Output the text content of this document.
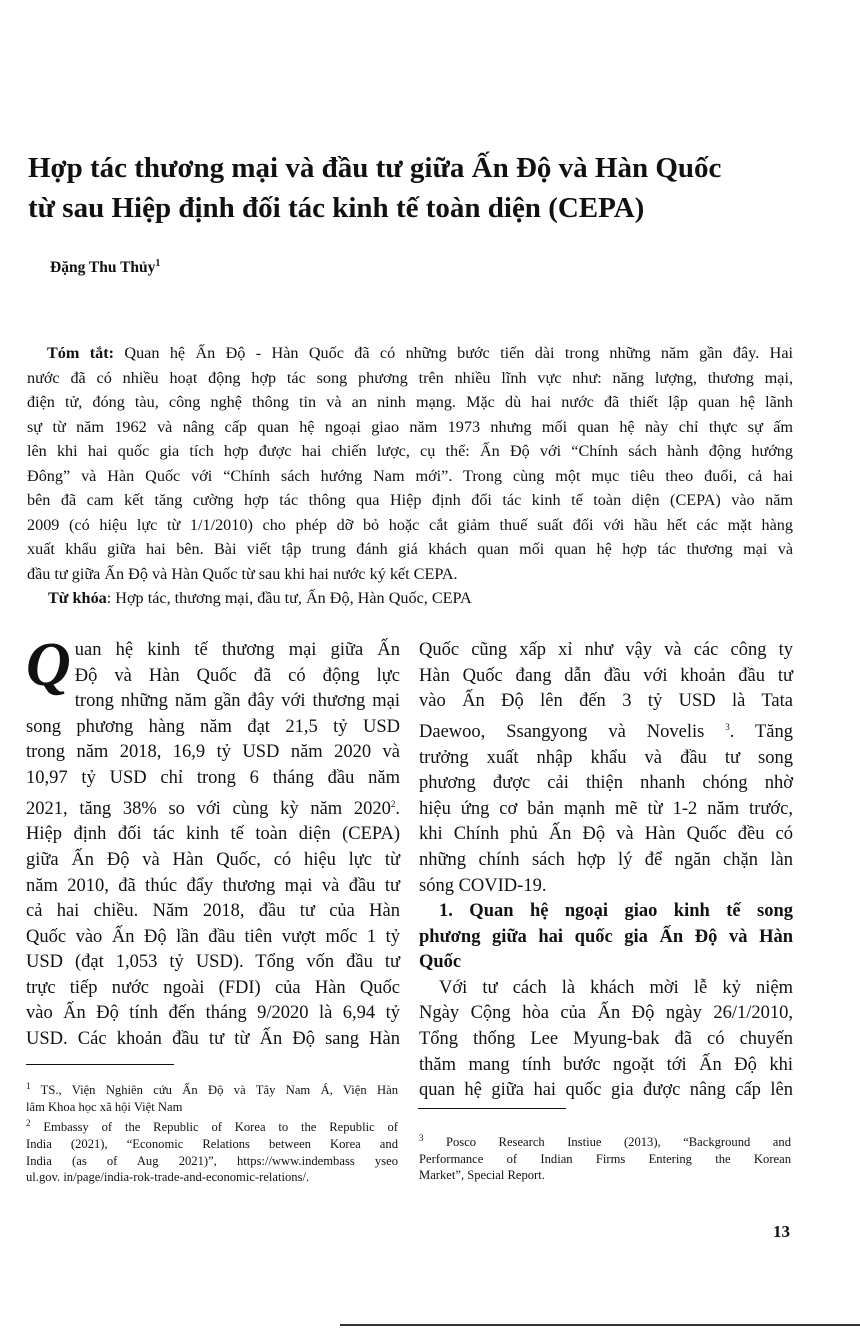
Hợp tác thương mại và đầu tư giữa Ấn Độ và Hàn Quốc
từ sau Hiệp định đối tác kinh tế toàn diện (CEPA)
Đặng Thu Thủy$^1$
Tóm tắt: Quan hệ Ấn Độ - Hàn Quốc đã có những bước tiến dài trong những năm gần đây. Hai
nước đã có nhiều hoạt động hợp tác song phương trên nhiều lĩnh vực như: năng lượng, thương mại,
điện tử, đóng tàu, công nghệ thông tin và an ninh mạng. Mặc dù hai nước đã thiết lập quan hệ lãnh
sự từ năm 1962 và nâng cấp quan hệ ngoại giao năm 1973 nhưng mối quan hệ này chỉ thực sự ấm
lên khi hai quốc gia tích hợp được hai chiến lược, cụ thể: Ấn Độ với “Chính sách hành động hướng
Đông” và Hàn Quốc với “Chính sách hướng Nam mới”. Trong cùng một mục tiêu theo đuổi, cả hai
bên đã cam kết tăng cường hợp tác thông qua Hiệp định đối tác kinh tế toàn diện (CEPA) vào năm
2009 (có hiệu lực từ 1/1/2010) cho phép dỡ bỏ hoặc cắt giảm thuế suất đối với hầu hết các mặt hàng
xuất khẩu giữa hai bên. Bài viết tập trung đánh giá khách quan mối quan hệ hợp tác thương mại và
đầu tư giữa Ấn Độ và Hàn Quốc từ sau khi hai nước ký kết CEPA.
Từ khóa: Hợp tác, thương mại, đầu tư, Ấn Độ, Hàn Quốc, CEPA
Q uan hệ kinh tế thương mại giữa Ấn
Độ và Hàn Quốc đã có động lực
trong những năm gần đây với thương mại
song phương hàng năm đạt 21,5 tỷ USD
trong năm 2018, 16,9 tỷ USD năm 2020 và
10,97 tỷ USD chỉ trong 6 tháng đầu năm
2021, tăng 38% so với cùng kỳ năm 2020$^2$.
Hiệp định đối tác kinh tế toàn diện (CEPA)
giữa Ấn Độ và Hàn Quốc, có hiệu lực từ
năm 2010, đã thúc đẩy thương mại và đầu tư
cả hai chiều. Năm 2018, đầu tư của Hàn
Quốc vào Ấn Độ lần đầu tiên vượt mốc 1 tỷ
USD (đạt 1,053 tỷ USD). Tổng vốn đầu tư
trực tiếp nước ngoài (FDI) của Hàn Quốc
vào Ấn Độ tính đến tháng 9/2020 là 6,94 tỷ
USD. Các khoản đầu tư từ Ấn Độ sang Hàn
Quốc cũng xấp xỉ như vậy và các công ty
Hàn Quốc đang dẫn đầu với khoản đầu tư
vào Ấn Độ lên đến 3 tỷ USD là Tata
Daewoo, Ssangyong và Novelis $^3$. Tăng
trưởng xuất nhập khẩu và đầu tư song
phương được cải thiện nhanh chóng nhờ
hiệu ứng cơ bản mạnh mẽ từ 1-2 năm trước,
khi Chính phủ Ấn Độ và Hàn Quốc đều có
những chính sách hợp lý để ngăn chặn làn
sóng COVID-19.
1. Quan hệ ngoại giao kinh tế song
phương giữa hai quốc gia Ấn Độ và Hàn
Quốc
Với tư cách là khách mời lễ kỷ niệm
Ngày Cộng hòa của Ấn Độ ngày 26/1/2010,
Tổng thống Lee Myung-bak đã có chuyến
thăm mang tính bước ngoặt tới Ấn Độ khi
quan hệ giữa hai quốc gia được nâng cấp lên
$^1$ TS., Viện Nghiên cứu Ấn Độ và Tây Nam Á, Viện Hàn
lâm Khoa học xã hội Việt Nam
$^2$ Embassy of the Republic of Korea to the Republic of
India (2021), “Economic Relations between Korea and
India (as of Aug 2021)”, https://www.indembass yseo
ul.gov. in/page/india-rok-trade-and-economic-relations/.
$^3$ Posco Research Instiue (2013), “Background and
Performance of Indian Firms Entering the Korean
Market”, Special Report.
13
